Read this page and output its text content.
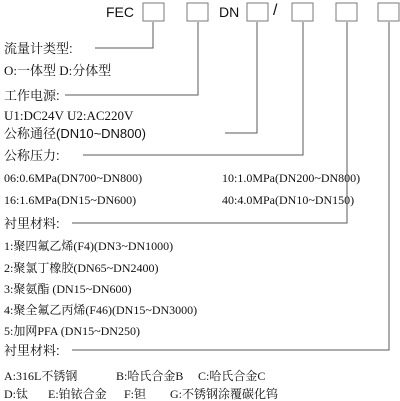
FEC	DN /
流量计类型:
O:一体型 D:分体型
工作电源:
U1:DC24V U2:AC220V
公称通径(DN10~DN800)
公称压力:
06:0.6MPa(DN700~DN800)	10:1.0MPa(DN200~DN800)
16:1.6MPa(DN15~DN600)	40:4.0MPa(DN10~DN150)
衬里材料:
1:聚四氟乙烯(F4)(DN3~DN1000)
2:聚氯丁橡胶(DN65~DN2400)
3:聚氨酯 (DN15~DN600)
4:聚全氟乙丙烯(F46)(DN15~DN3000)
5:加网PFA (DN15~DN250)
衬里材料:
A:316L不锈钢	B:哈氏合金B C:哈氏合金C
D:钛 E:铂铱合金 F:钽 G:不锈钢涂覆碳化钨
